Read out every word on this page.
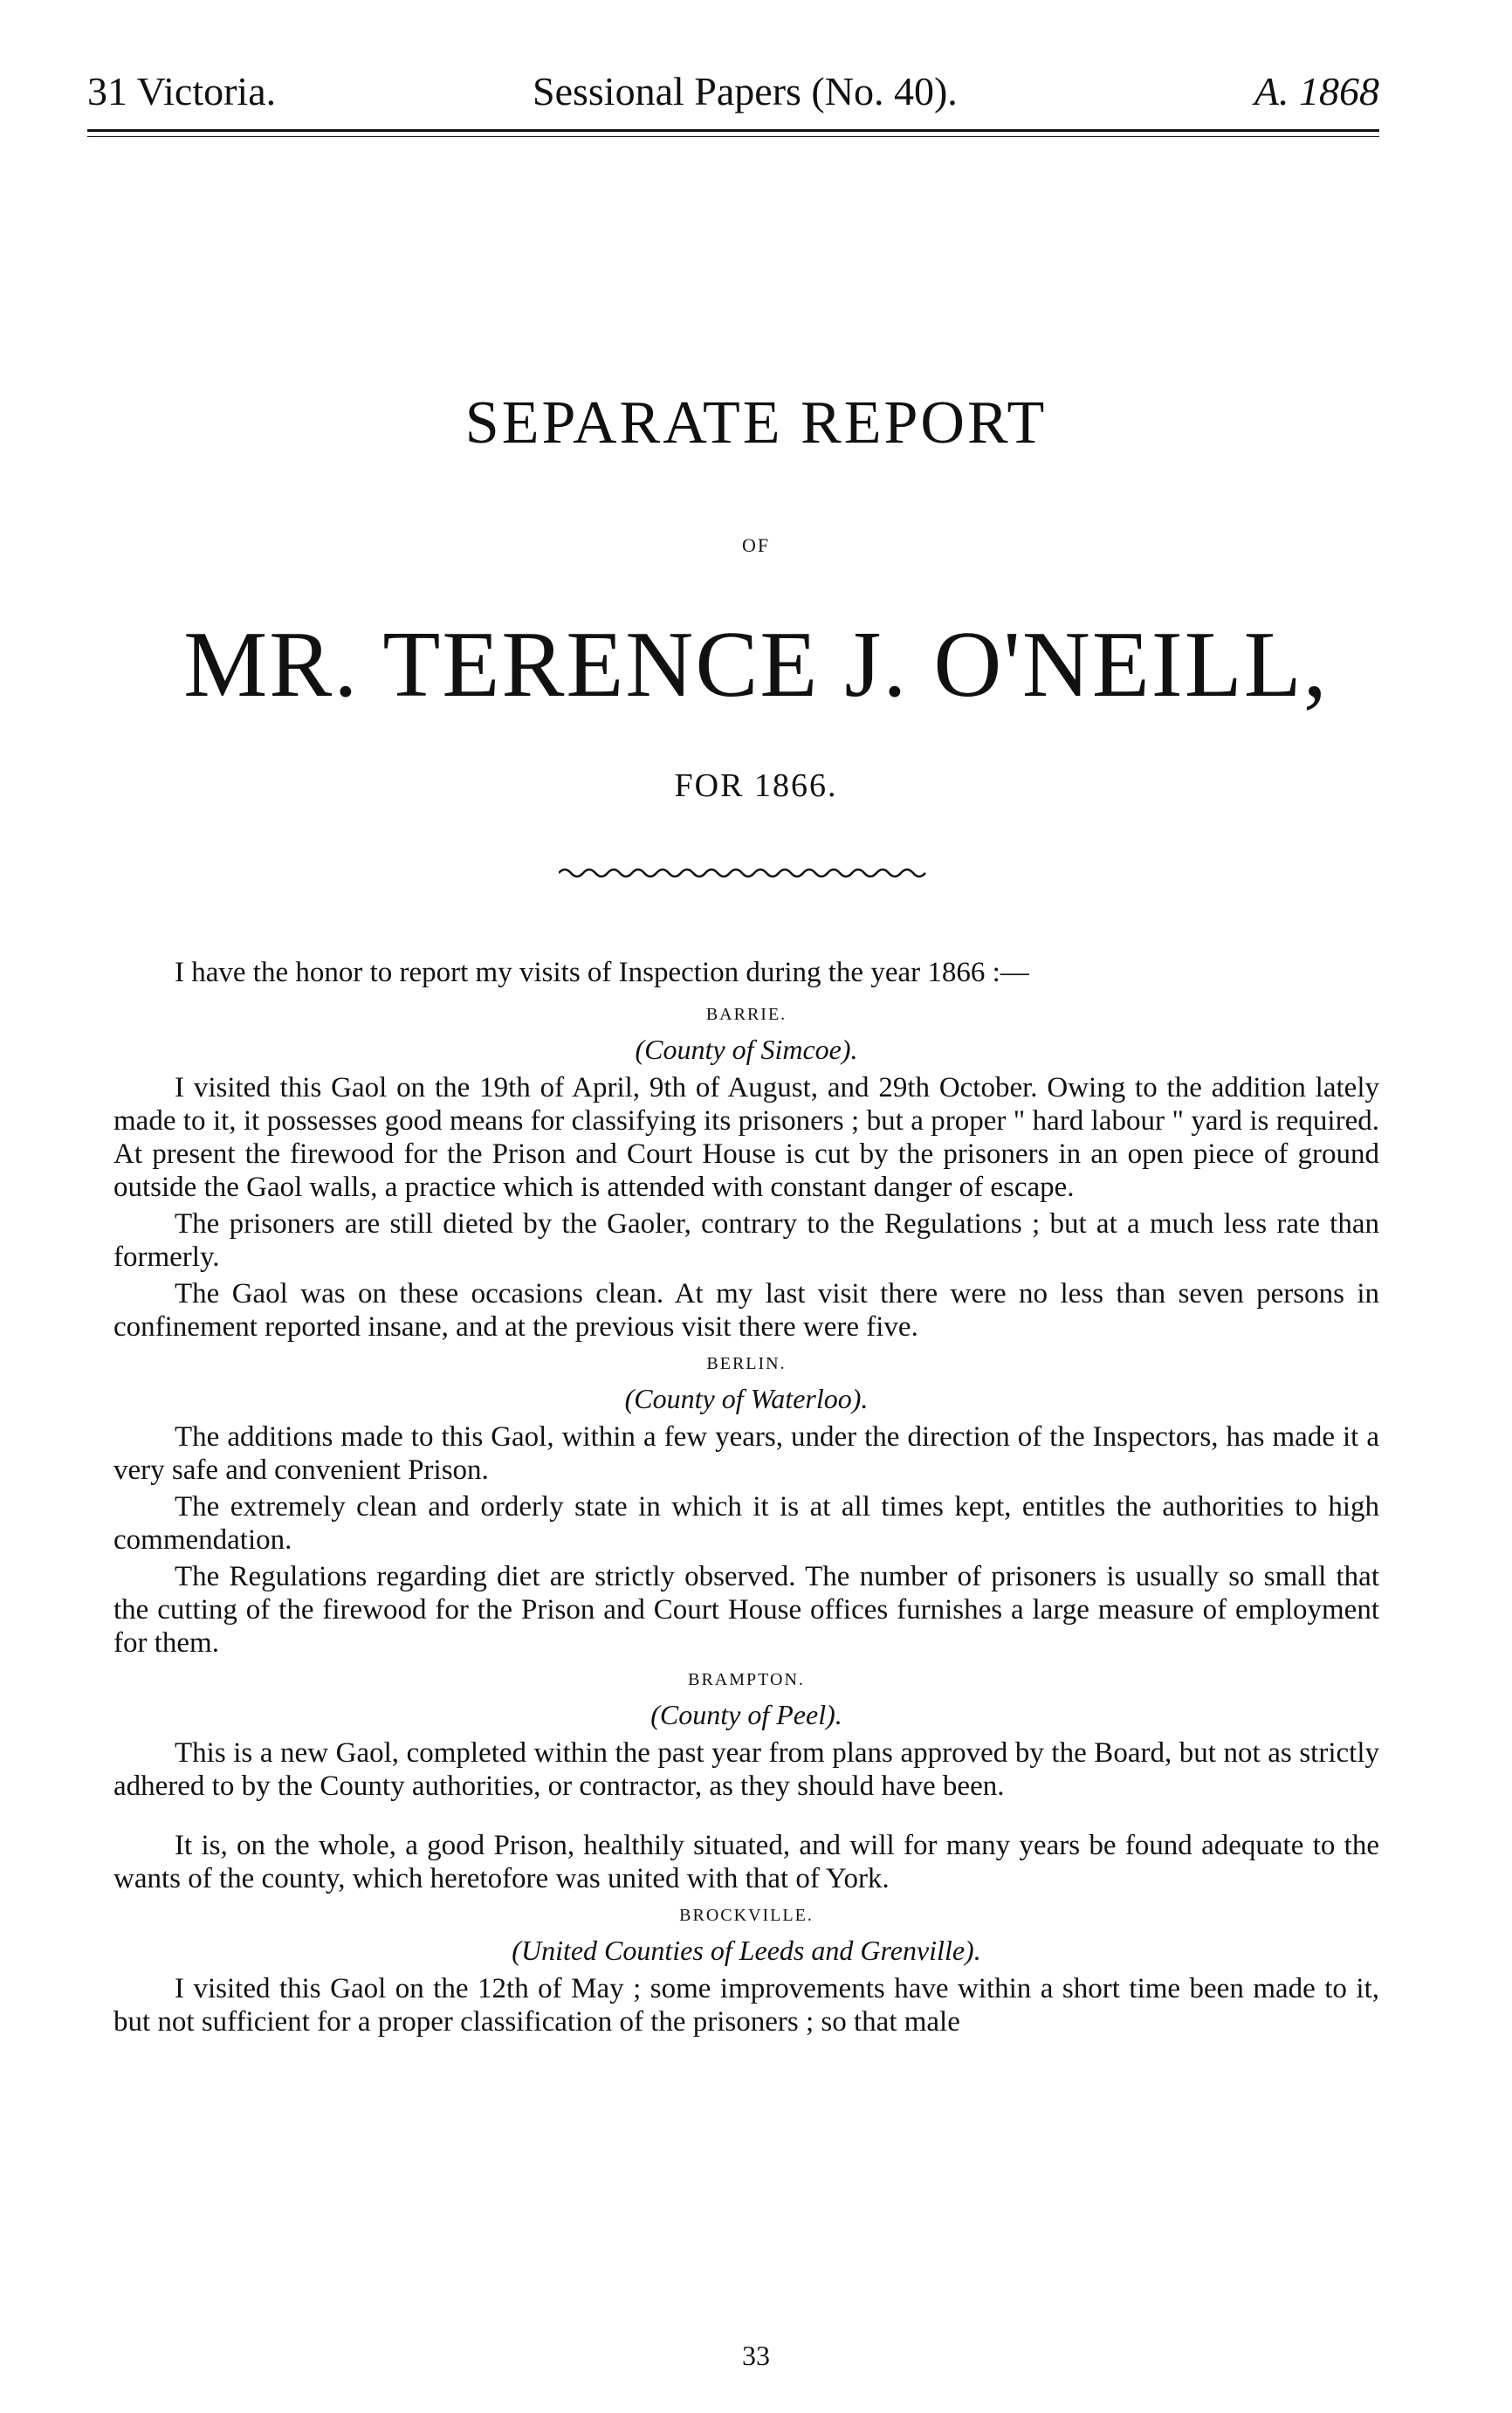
31 Victoria.	Sessional Papers (No. 40).	A. 1868
SEPARATE REPORT
OF
MR. TERENCE J. O'NEILL,
FOR 1866.

I have the honor to report my visits of Inspection during the year 1866 :—

BARRIE.
(County of Simcoe).

I visited this Gaol on the 19th of April, 9th of August, and 29th October. Owing to the addition lately made to it, it possesses good means for classifying its prisoners ; but a proper " hard labour " yard is required. At present the firewood for the Prison and Court House is cut by the prisoners in an open piece of ground outside the Gaol walls, a practice which is attended with constant danger of escape.

The prisoners are still dieted by the Gaoler, contrary to the Regulations ; but at a much less rate than formerly.

The Gaol was on these occasions clean. At my last visit there were no less than seven persons in confinement reported insane, and at the previous visit there were five.

BERLIN.
(County of Waterloo).

The additions made to this Gaol, within a few years, under the direction of the Inspectors, has made it a very safe and convenient Prison.

The extremely clean and orderly state in which it is at all times kept, entitles the authorities to high commendation.

The Regulations regarding diet are strictly observed. The number of prisoners is usually so small that the cutting of the firewood for the Prison and Court House offices furnishes a large measure of employment for them.

BRAMPTON.
(County of Peel).

This is a new Gaol, completed within the past year from plans approved by the Board, but not as strictly adhered to by the County authorities, or contractor, as they should have been.

It is, on the whole, a good Prison, healthily situated, and will for many years be found adequate to the wants of the county, which heretofore was united with that of York.

BROCKVILLE.
(United Counties of Leeds and Grenville).

I visited this Gaol on the 12th of May ; some improvements have within a short time been made to it, but not sufficient for a proper classification of the prisoners ; so that male

33
